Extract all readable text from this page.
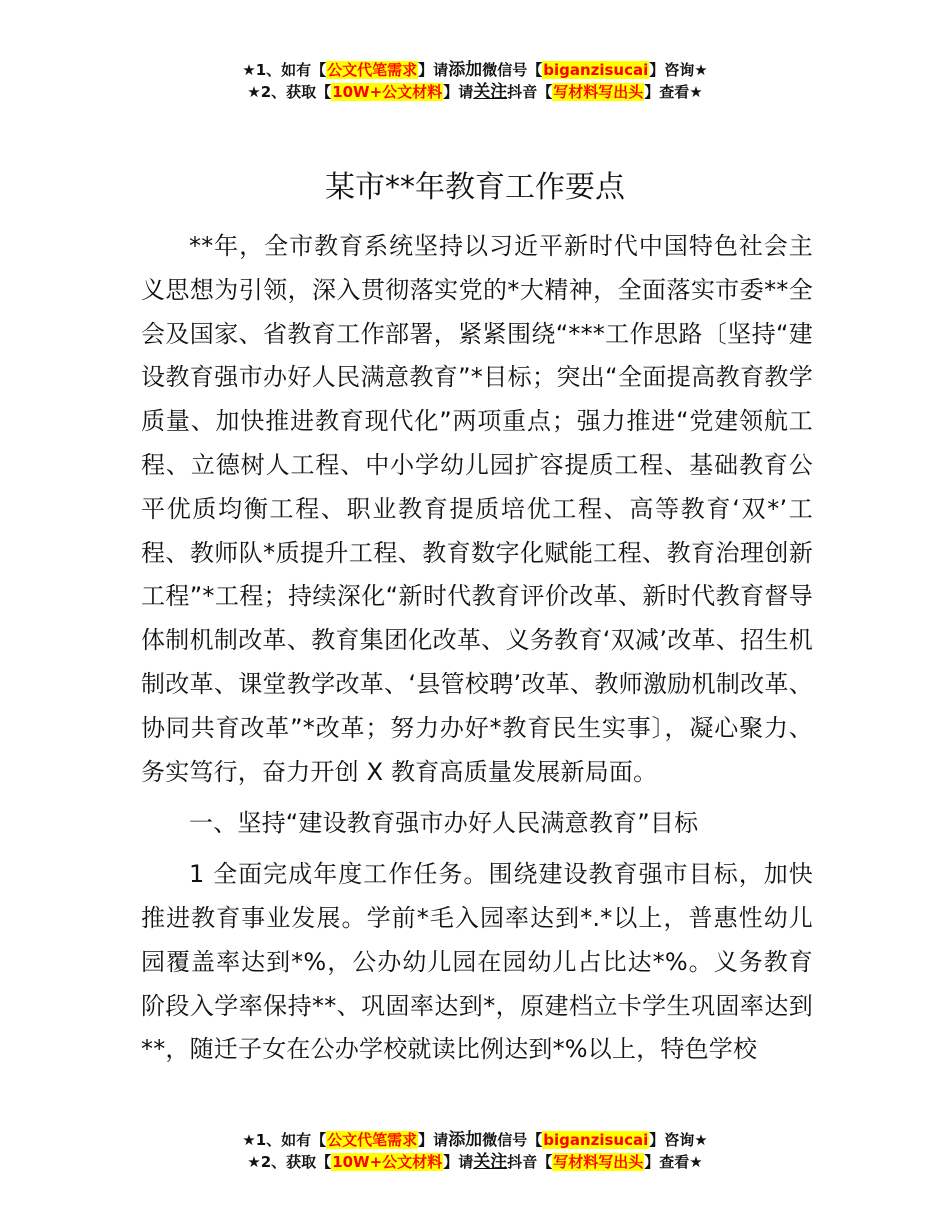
★1、如有【公文代笔需求】请添加微信号【biganzisucai】咨询★
★2、获取【10W+公文材料】请关注抖音【写材料写出头】查看★
某市**年教育工作要点

**年，全市教育系统坚持以习近平新时代中国特色社会主义思想为引领，深入贯彻落实党的*大精神，全面落实市委**全会及国家、省教育工作部署，紧紧围绕“***工作思路〔坚持“建设教育强市办好人民满意教育”*目标；突出“全面提高教育教学质量、加快推进教育现代化”两项重点；强力推进“党建领航工程、立德树人工程、中小学幼儿园扩容提质工程、基础教育公平优质均衡工程、职业教育提质培优工程、高等教育‘双*’工程、教师队*质提升工程、教育数字化赋能工程、教育治理创新工程”*工程；持续深化“新时代教育评价改革、新时代教育督导体制机制改革、教育集团化改革、义务教育‘双减’改革、招生机制改革、课堂教学改革、‘县管校聘’改革、教师激励机制改革、协同共育改革”*改革；努力办好*教育民生实事〕，凝心聚力、务实笃行，奋力开创 X 教育高质量发展新局面。

一、坚持“建设教育强市办好人民满意教育”目标

1 全面完成年度工作任务。围绕建设教育强市目标，加快推进教育事业发展。学前*毛入园率达到*.*以上，普惠性幼儿园覆盖率达到*%，公办幼儿园在园幼儿占比达*%。义务教育阶段入学率保持**、巩固率达到*，原建档立卡学生巩固率达到**，随迁子女在公办学校就读比例达到*%以上，特色学校

★1、如有【公文代笔需求】请添加微信号【biganzisucai】咨询★
★2、获取【10W+公文材料】请关注抖音【写材料写出头】查看★
